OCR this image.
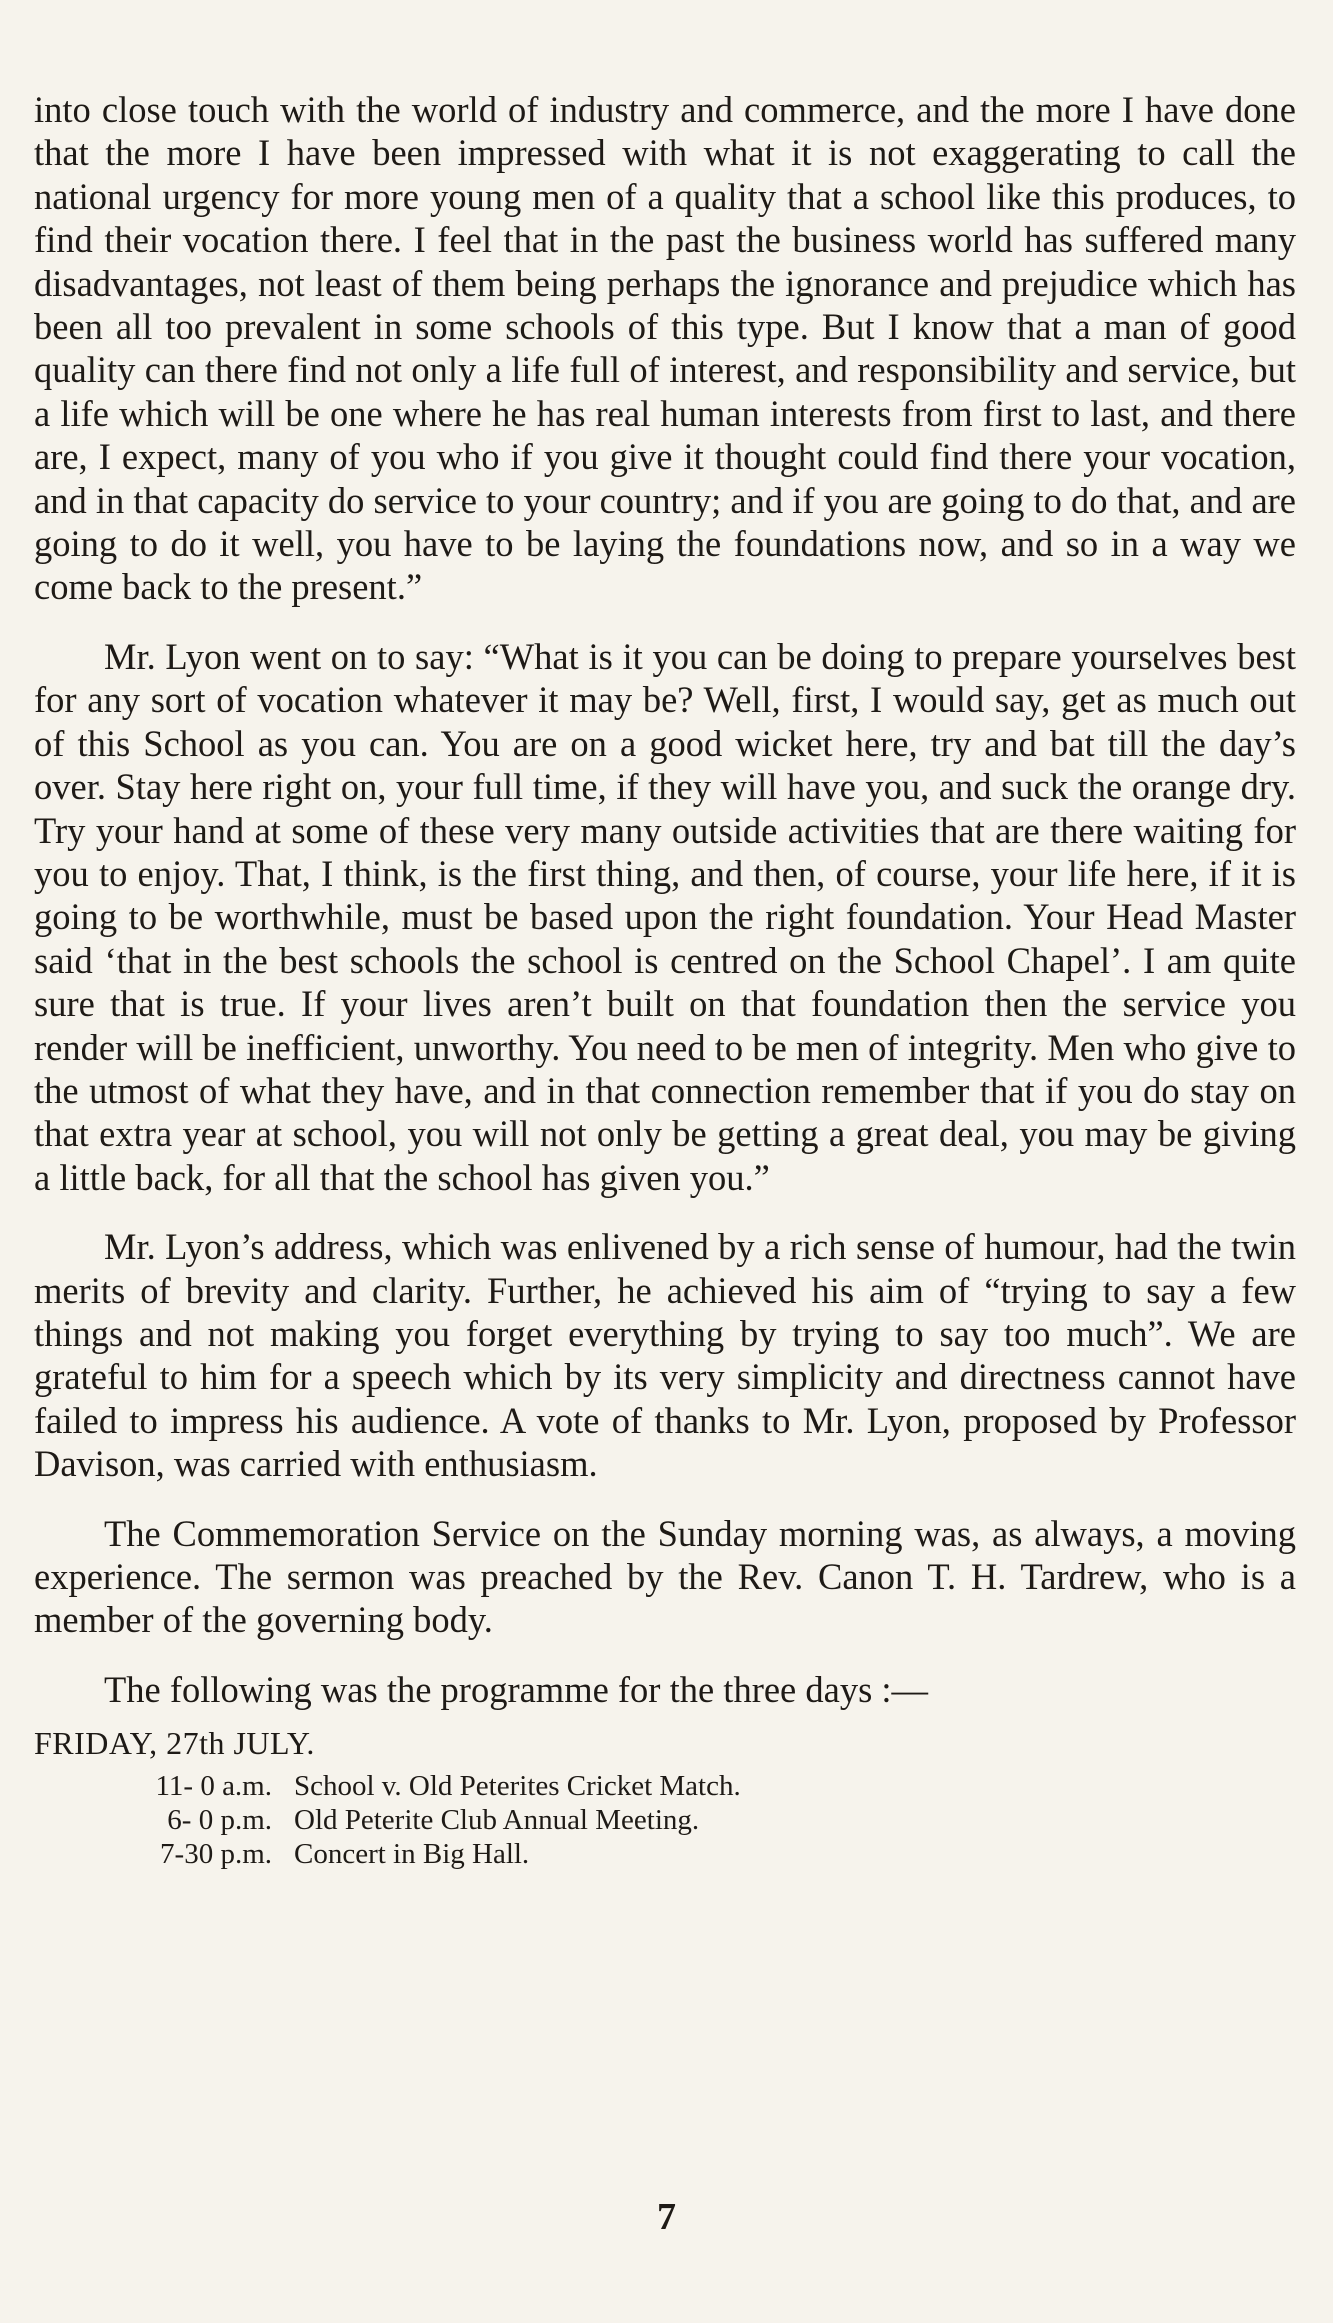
into close touch with the world of industry and commerce, and the more I have done that the more I have been impressed with what it is not exaggerating to call the national urgency for more young men of a quality that a school like this produces, to find their vocation there. I feel that in the past the business world has suffered many disadvantages, not least of them being perhaps the ignorance and prejudice which has been all too prevalent in some schools of this type. But I know that a man of good quality can there find not only a life full of interest, and responsibility and service, but a life which will be one where he has real human interests from first to last, and there are, I expect, many of you who if you give it thought could find there your vocation, and in that capacity do service to your country; and if you are going to do that, and are going to do it well, you have to be laying the foundations now, and so in a way we come back to the present.”

Mr. Lyon went on to say: “What is it you can be doing to prepare yourselves best for any sort of vocation whatever it may be? Well, first, I would say, get as much out of this School as you can. You are on a good wicket here, try and bat till the day’s over. Stay here right on, your full time, if they will have you, and suck the orange dry. Try your hand at some of these very many outside activities that are there waiting for you to enjoy. That, I think, is the first thing, and then, of course, your life here, if it is going to be worthwhile, must be based upon the right foundation. Your Head Master said ‘that in the best schools the school is centred on the School Chapel’. I am quite sure that is true. If your lives aren’t built on that foundation then the service you render will be inefficient, unworthy. You need to be men of integrity. Men who give to the utmost of what they have, and in that connection remember that if you do stay on that extra year at school, you will not only be getting a great deal, you may be giving a little back, for all that the school has given you.”

Mr. Lyon’s address, which was enlivened by a rich sense of humour, had the twin merits of brevity and clarity. Further, he achieved his aim of “trying to say a few things and not making you forget everything by trying to say too much”. We are grateful to him for a speech which by its very simplicity and directness cannot have failed to impress his audience. A vote of thanks to Mr. Lyon, proposed by Professor Davison, was carried with enthusiasm.

The Commemoration Service on the Sunday morning was, as always, a moving experience. The sermon was preached by the Rev. Canon T. H. Tardrew, who is a member of the governing body.

The following was the programme for the three days :—

FRIDAY, 27th JULY.
11- 0 a.m. School v. Old Peterites Cricket Match.
6- 0 p.m. Old Peterite Club Annual Meeting.
7-30 p.m. Concert in Big Hall.
7
